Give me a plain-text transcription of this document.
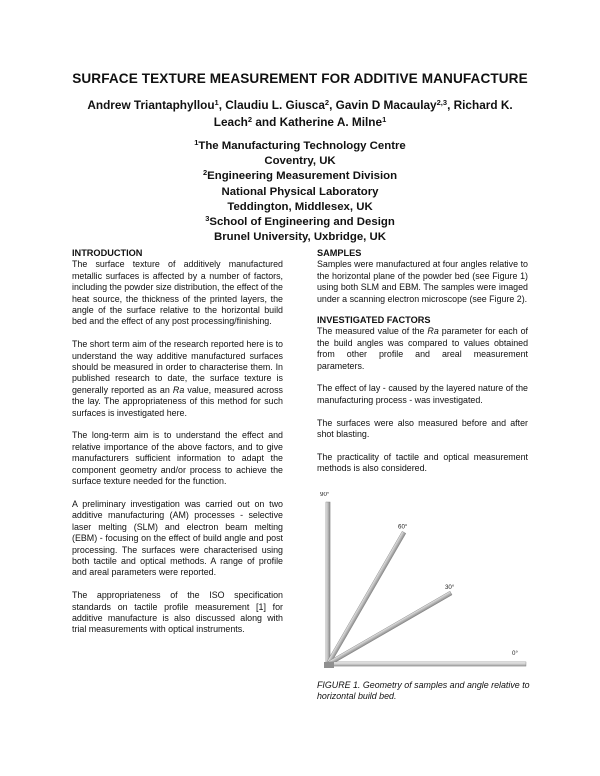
SURFACE TEXTURE MEASUREMENT FOR ADDITIVE MANUFACTURE
Andrew Triantaphyllou$^1$, Claudiu L. Giusca$^2$, Gavin D Macaulay$^{2,3}$, Richard K.
Leach$^2$ and Katherine A. Milne$^1$
$^1$The Manufacturing Technology Centre
Coventry, UK
$^2$Engineering Measurement Division
National Physical Laboratory
Teddington, Middlesex, UK
$^3$School of Engineering and Design
Brunel University, Uxbridge, UK
INTRODUCTION

The surface texture of additively manufactured metallic surfaces is affected by a number of factors, including the powder size distribution, the effect of the heat source, the thickness of the printed layers, the angle of the surface relative to the horizontal build bed and the effect of any post processing/finishing.

The short term aim of the research reported here is to understand the way additive manufactured surfaces should be measured in order to characterise them. In published research to date, the surface texture is generally reported as an Ra value, measured across the lay. The appropriateness of this method for such surfaces is investigated here.

The long-term aim is to understand the effect and relative importance of the above factors, and to give manufacturers sufficient information to adapt the component geometry and/or process to achieve the surface texture needed for the function.

A preliminary investigation was carried out on two additive manufacturing (AM) processes - selective laser melting (SLM) and electron beam melting (EBM) - focusing on the effect of build angle and post processing. The surfaces were characterised using both tactile and optical methods. A range of profile and areal parameters were reported.

The appropriateness of the ISO specification standards on tactile profile measurement [1] for additive manufacture is also discussed along with trial measurements with optical instruments.

SAMPLES

Samples were manufactured at four angles relative to the horizontal plane of the powder bed (see Figure 1) using both SLM and EBM. The samples were imaged under a scanning electron microscope (see Figure 2).

INVESTIGATED FACTORS

The measured value of the Ra parameter for each of the build angles was compared to values obtained from other profile and areal measurement parameters.

The effect of lay - caused by the layered nature of the manufacturing process - was investigated.

The surfaces were also measured before and after shot blasting.

The practicality of tactile and optical measurement methods is also considered.

90°
60°
30°
0°
FIGURE 1. Geometry of samples and angle relative to horizontal build bed.
